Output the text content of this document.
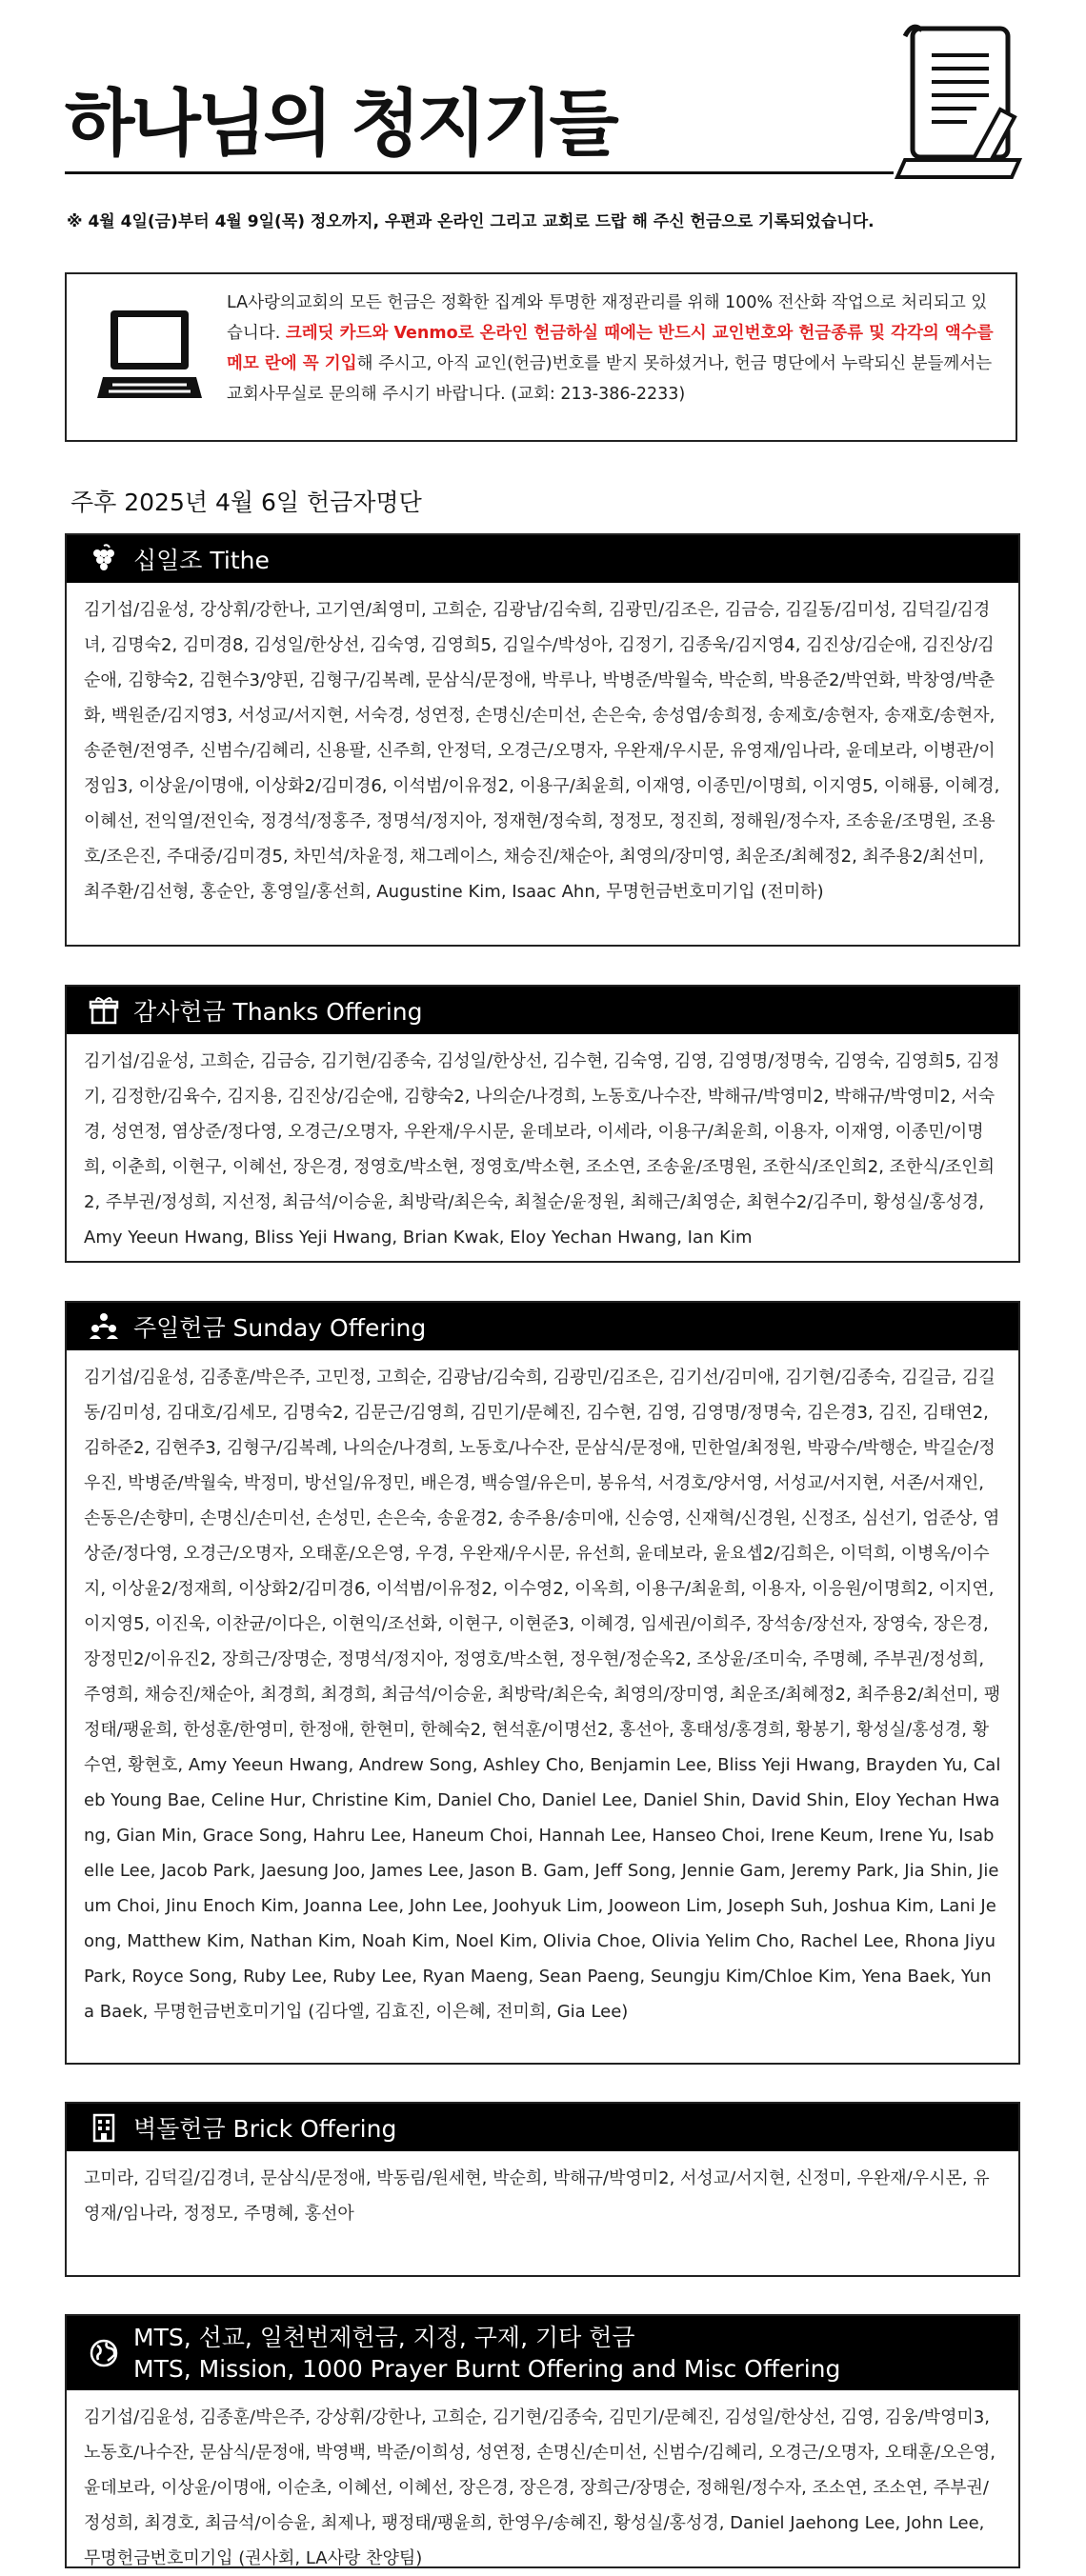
하나님의 청지기들
※ 4월 4일(금)부터 4월 9일(목) 정오까지, 우편과 온라인 그리고 교회로 드랍 해 주신 헌금으로 기록되었습니다.
LA사랑의교회의 모든 헌금은 정확한 집계와 투명한 재정관리를 위해 100% 전산화 작업으로 처리되고 있습니다. 크레딧 카드와 Venmo로 온라인 헌금하실 때에는 반드시 교인번호와 헌금종류 및 각각의 액수를 메모 란에 꼭 기입해 주시고, 아직 교인(헌금)번호를 받지 못하셨거나, 헌금 명단에서 누락되신 분들께서는 교회사무실로 문의해 주시기 바랍니다. (교회: 213-386-2233)
주후 2025년 4월 6일 헌금자명단
십일조 Tithe
김기섭/김윤성, 강상휘/강한나, 고기연/최영미, 고희순, 김광남/김숙희, 김광민/김조은, 김금승, 김길동/김미성, 김덕길/김경녀, 김명숙2, 김미경8, 김성일/한상선, 김숙영, 김영희5, 김일수/박성아, 김정기, 김종욱/김지영4, 김진상/김순애, 김진상/김순애, 김향숙2, 김현수3/양핀, 김형구/김복례, 문삼식/문정애, 박루나, 박병준/박월숙, 박순희, 박용준2/박연화, 박창영/박춘화, 백원준/김지영3, 서성교/서지현, 서숙경, 성연정, 손명신/손미선, 손은숙, 송성엽/송희정, 송제호/송현자, 송재호/송현자, 송준현/전영주, 신범수/김혜리, 신용팔, 신주희, 안정덕, 오경근/오명자, 우완재/우시문, 유영재/임나라, 윤데보라, 이병관/이정임3, 이상윤/이명애, 이상화2/김미경6, 이석범/이유정2, 이용구/최윤희, 이재영, 이종민/이명희, 이지영5, 이해룡, 이혜경, 이혜선, 전익열/전인숙, 정경석/정홍주, 정명석/정지아, 정재현/정숙희, 정정모, 정진희, 정해원/정수자, 조송윤/조명원, 조용호/조은진, 주대중/김미경5, 차민석/차윤정, 채그레이스, 채승진/채순아, 최영의/장미영, 최운조/최혜정2, 최주용2/최선미, 최주환/김선형, 홍순안, 홍영일/홍선희, Augustine Kim, Isaac Ahn, 무명헌금번호미기입 (전미하)
감사헌금 Thanks Offering
김기섭/김윤성, 고희순, 김금승, 김기현/김종숙, 김성일/한상선, 김수현, 김숙영, 김영, 김영명/정명숙, 김영숙, 김영희5, 김정기, 김정한/김육수, 김지용, 김진상/김순애, 김향숙2, 나의순/나경희, 노동호/나수잔, 박해규/박영미2, 박해규/박영미2, 서숙경, 성연정, 염상준/정다영, 오경근/오명자, 우완재/우시문, 윤데보라, 이세라, 이용구/최윤희, 이용자, 이재영, 이종민/이명희, 이춘희, 이현구, 이혜선, 장은경, 정영호/박소현, 정영호/박소현, 조소연, 조송윤/조명원, 조한식/조인희2, 조한식/조인희2, 주부권/정성희, 지선정, 최금석/이승윤, 최방락/최은숙, 최철순/윤정원, 최해근/최영순, 최현수2/김주미, 황성실/홍성경, Amy Yeeun Hwang, Bliss Yeji Hwang, Brian Kwak, Eloy Yechan Hwang, Ian Kim
주일헌금 Sunday Offering
김기섭/김윤성, 김종훈/박은주, 고민정, 고희순, 김광남/김숙희, 김광민/김조은, 김기선/김미애, 김기현/김종숙, 김길금, 김길동/김미성, 김대호/김세모, 김명숙2, 김문근/김영희, 김민기/문혜진, 김수현, 김영, 김영명/정명숙, 김은경3, 김진, 김태연2, 김하준2, 김현주3, 김형구/김복례, 나의순/나경희, 노동호/나수잔, 문삼식/문정애, 민한얼/최정원, 박광수/박행순, 박길순/정우진, 박병준/박월숙, 박정미, 방선일/유정민, 배은경, 백승열/유은미, 봉유석, 서경호/양서영, 서성교/서지현, 서존/서재인, 손동은/손향미, 손명신/손미선, 손성민, 손은숙, 송윤경2, 송주용/송미애, 신승영, 신재혁/신경원, 신정조, 심선기, 엄준상, 염상준/정다영, 오경근/오명자, 오태훈/오은영, 우경, 우완재/우시문, 유선희, 윤데보라, 윤요셉2/김희은, 이덕희, 이병옥/이수지, 이상윤2/정재희, 이상화2/김미경6, 이석범/이유정2, 이수영2, 이옥희, 이용구/최윤희, 이용자, 이응원/이명희2, 이지연, 이지영5, 이진욱, 이찬균/이다은, 이현익/조선화, 이현구, 이현준3, 이혜경, 임세권/이희주, 장석송/장선자, 장영숙, 장은경, 장정민2/이유진2, 장희근/장명순, 정명석/정지아, 정영호/박소현, 정우현/정순옥2, 조상윤/조미숙, 주명혜, 주부권/정성희, 주영희, 채승진/채순아, 최경희, 최경희, 최금석/이승윤, 최방락/최은숙, 최영의/장미영, 최운조/최혜정2, 최주용2/최선미, 팽정태/팽윤희, 한성훈/한영미, 한정애, 한현미, 한혜숙2, 현석훈/이명선2, 홍선아, 홍태성/홍경희, 황봉기, 황성실/홍성경, 황수연, 황현호, Amy Yeeun Hwang, Andrew Song, Ashley Cho, Benjamin Lee, Bliss Yeji Hwang, Brayden Yu, Caleb Young Bae, Celine Hur, Christine Kim, Daniel Cho, Daniel Lee, Daniel Shin, David Shin, Eloy Yechan Hwang, Gian Min, Grace Song, Hahru Lee, Haneum Choi, Hannah Lee, Hanseo Choi, Irene Keum, Irene Yu, Isabelle Lee, Jacob Park, Jaesung Joo, James Lee, Jason B. Gam, Jeff Song, Jennie Gam, Jeremy Park, Jia Shin, Jieum Choi, Jinu Enoch Kim, Joanna Lee, John Lee, Joohyuk Lim, Jooweon Lim, Joseph Suh, Joshua Kim, Lani Jeong, Matthew Kim, Nathan Kim, Noah Kim, Noel Kim, Olivia Choe, Olivia Yelim Cho, Rachel Lee, Rhona Jiyu Park, Royce Song, Ruby Lee, Ruby Lee, Ryan Maeng, Sean Paeng, Seungju Kim/Chloe Kim, Yena Baek, Yuna Baek, 무명헌금번호미기입 (김다엘, 김효진, 이은혜, 전미희, Gia Lee)
벽돌헌금 Brick Offering
고미라, 김덕길/김경녀, 문삼식/문정애, 박동림/원세현, 박순희, 박해규/박영미2, 서성교/서지현, 신정미, 우완재/우시몬, 유영재/임나라, 정정모, 주명혜, 홍선아
MTS, 선교, 일천번제헌금, 지정, 구제, 기타 헌금
MTS, Mission, 1000 Prayer Burnt Offering and Misc Offering
김기섭/김윤성, 김종훈/박은주, 강상휘/강한나, 고희순, 김기현/김종숙, 김민기/문혜진, 김성일/한상선, 김영, 김웅/박영미3, 노동호/나수잔, 문삼식/문정애, 박영백, 박준/이희성, 성연정, 손명신/손미선, 신범수/김혜리, 오경근/오명자, 오태훈/오은영, 윤데보라, 이상윤/이명애, 이순초, 이혜선, 이혜선, 장은경, 장은경, 장희근/장명순, 정해원/정수자, 조소연, 조소연, 주부권/정성희, 최경호, 최금석/이승윤, 최제나, 팽정태/팽윤희, 한영우/송혜진, 황성실/홍성경, Daniel Jaehong Lee, John Lee, 무명헌금번호미기입 (권사회, LA사랑 찬양팀)
